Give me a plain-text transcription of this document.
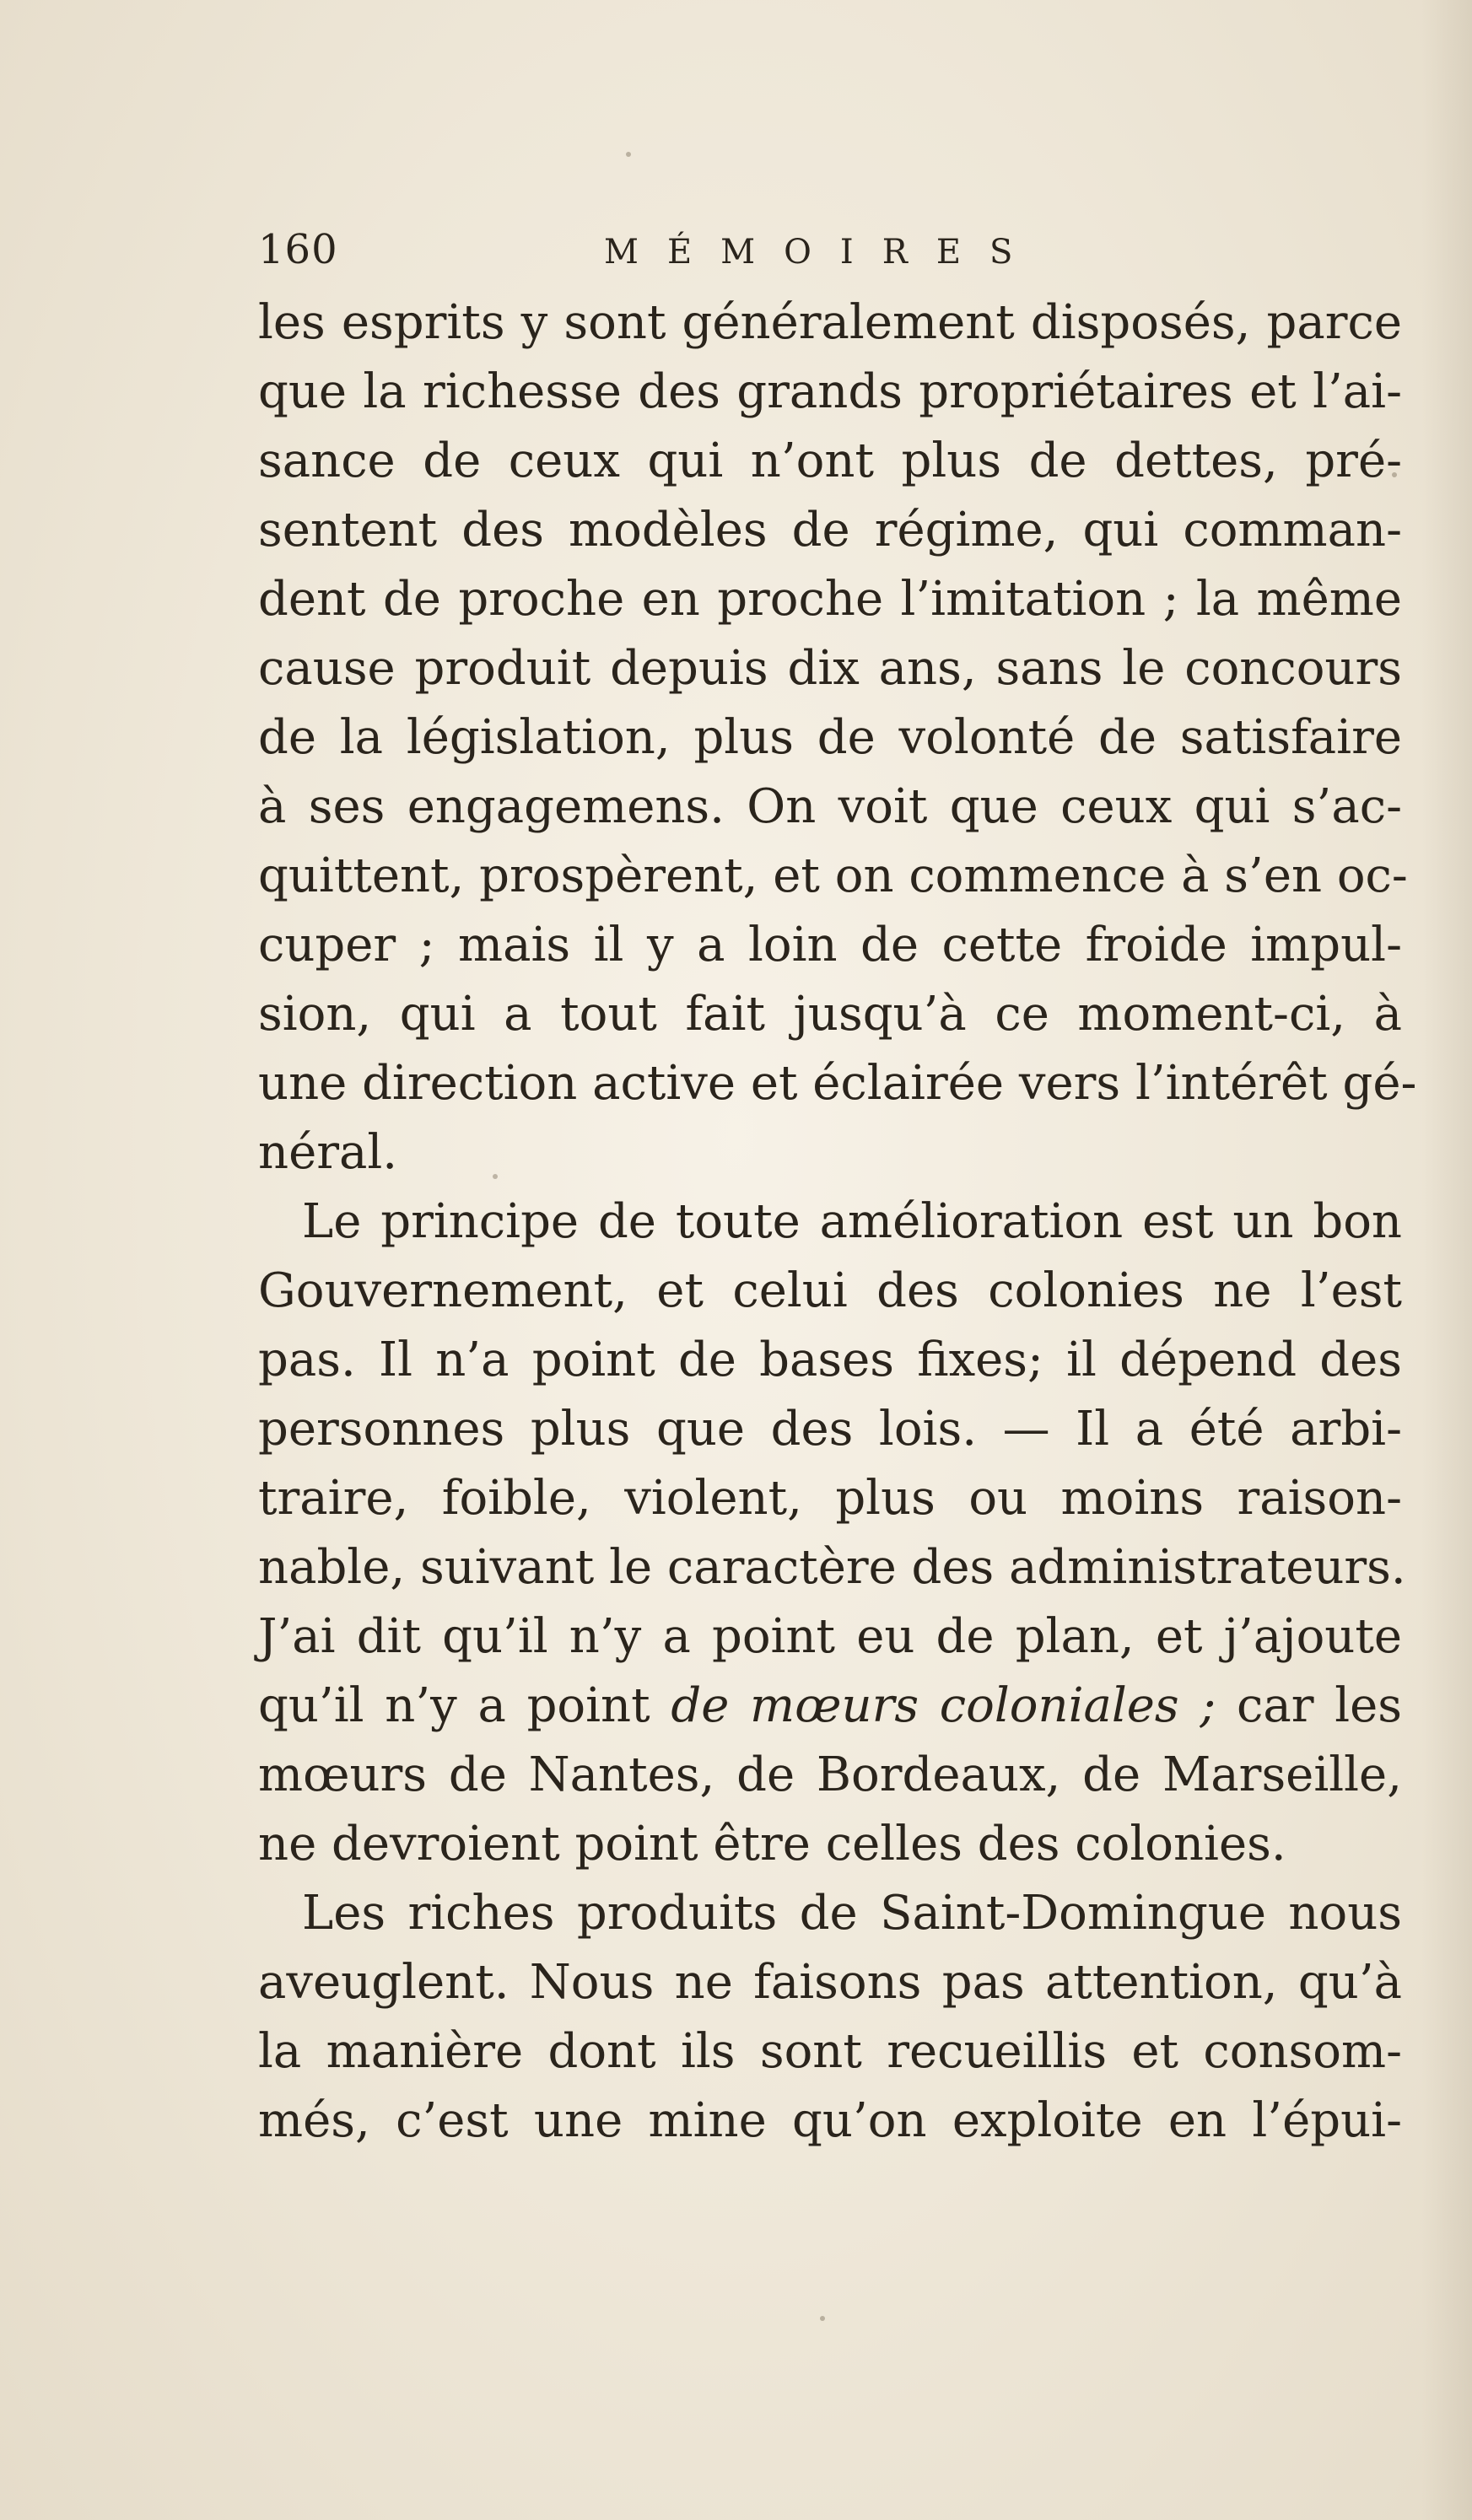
160	MÉMOIRES
les esprits y sont généralement disposés, parce
que la richesse des grands propriétaires et l’ai-
sance de ceux qui n’ont plus de dettes, pré-
sentent des modèles de régime, qui comman-
dent de proche en proche l’imitation ; la même
cause produit depuis dix ans, sans le concours
de la législation, plus de volonté de satisfaire
à ses engagemens. On voit que ceux qui s’ac-
quittent, prospèrent, et on commence à s’en oc-
cuper ; mais il y a loin de cette froide impul-
sion, qui a tout fait jusqu’à ce moment-ci, à
une direction active et éclairée vers l’intérêt gé-
néral.
Le principe de toute amélioration est un bon
Gouvernement, et celui des colonies ne l’est
pas. Il n’a point de bases fixes; il dépend des
personnes plus que des lois. — Il a été arbi-
traire, foible, violent, plus ou moins raison-
nable, suivant le caractère des administrateurs.
J’ai dit qu’il n’y a point eu de plan, et j’ajoute
qu’il n’y a point de mœurs coloniales ; car les
mœurs de Nantes, de Bordeaux, de Marseille,
ne devroient point être celles des colonies.
Les riches produits de Saint-Domingue nous
aveuglent. Nous ne faisons pas attention, qu’à
la manière dont ils sont recueillis et consom-
més, c’est une mine qu’on exploite en l’épui-
